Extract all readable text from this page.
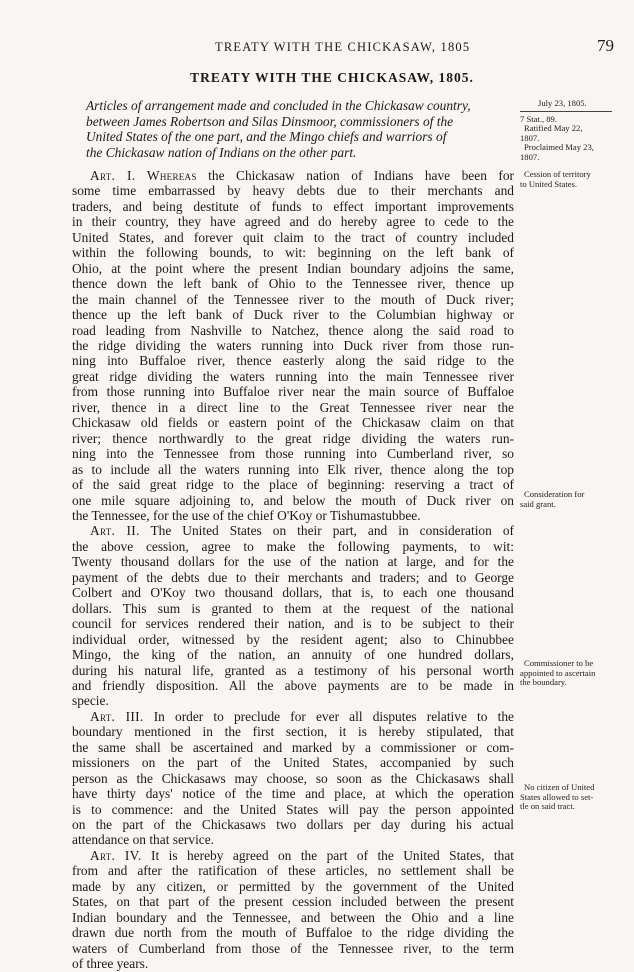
TREATY WITH THE CHICKASAW, 1805	79
TREATY WITH THE CHICKASAW, 1805.
Articles of arrangement made and concluded in the Chickasaw country,
between James Robertson and Silas Dinsmoor, commissioners of the
United States of the one part, and the Mingo chiefs and warriors of
the Chickasaw nation of Indians on the other part.
July 23, 1805.
7 Stat., 89.
Ratified May 22,
1807.
Proclaimed May 23,
1807.
Cession of territory
to United States.
Consideration for
said grant.
Commissioner to be
appointed to ascertain
the boundary.
No citizen of United
States allowed to set-
tle on said tract.
Art. I. Whereas the Chickasaw nation of Indians have been for
some time embarrassed by heavy debts due to their merchants and
traders, and being destitute of funds to effect important improvements
in their country, they have agreed and do hereby agree to cede to the
United States, and forever quit claim to the tract of country included
within the following bounds, to wit: beginning on the left bank of
Ohio, at the point where the present Indian boundary adjoins the same,
thence down the left bank of Ohio to the Tennessee river, thence up
the main channel of the Tennessee river to the mouth of Duck river;
thence up the left bank of Duck river to the Columbian highway or
road leading from Nashville to Natchez, thence along the said road to
the ridge dividing the waters running into Duck river from those run-
ning into Buffaloe river, thence easterly along the said ridge to the
great ridge dividing the waters running into the main Tennessee river
from those running into Buffaloe river near the main source of Buffaloe
river, thence in a direct line to the Great Tennessee river near the
Chickasaw old fields or eastern point of the Chickasaw claim on that
river; thence northwardly to the great ridge dividing the waters run-
ning into the Tennessee from those running into Cumberland river, so
as to include all the waters running into Elk river, thence along the top
of the said great ridge to the place of beginning: reserving a tract of
one mile square adjoining to, and below the mouth of Duck river on
the Tennessee, for the use of the chief O'Koy or Tishumastubbee.
Art. II. The United States on their part, and in consideration of
the above cession, agree to make the following payments, to wit:
Twenty thousand dollars for the use of the nation at large, and for the
payment of the debts due to their merchants and traders; and to George
Colbert and O'Koy two thousand dollars, that is, to each one thousand
dollars. This sum is granted to them at the request of the national
council for services rendered their nation, and is to be subject to their
individual order, witnessed by the resident agent; also to Chinubbee
Mingo, the king of the nation, an annuity of one hundred dollars,
during his natural life, granted as a testimony of his personal worth
and friendly disposition. All the above payments are to be made in
specie.
Art. III. In order to preclude for ever all disputes relative to the
boundary mentioned in the first section, it is hereby stipulated, that
the same shall be ascertained and marked by a commissioner or com-
missioners on the part of the United States, accompanied by such
person as the Chickasaws may choose, so soon as the Chickasaws shall
have thirty days' notice of the time and place, at which the operation
is to commence: and the United States will pay the person appointed
on the part of the Chickasaws two dollars per day during his actual
attendance on that service.
Art. IV. It is hereby agreed on the part of the United States, that
from and after the ratification of these articles, no settlement shall be
made by any citizen, or permitted by the government of the United
States, on that part of the present cession included between the present
Indian boundary and the Tennessee, and between the Ohio and a line
drawn due north from the mouth of Buffaloe to the ridge dividing the
waters of Cumberland from those of the Tennessee river, to the term
of three years.
